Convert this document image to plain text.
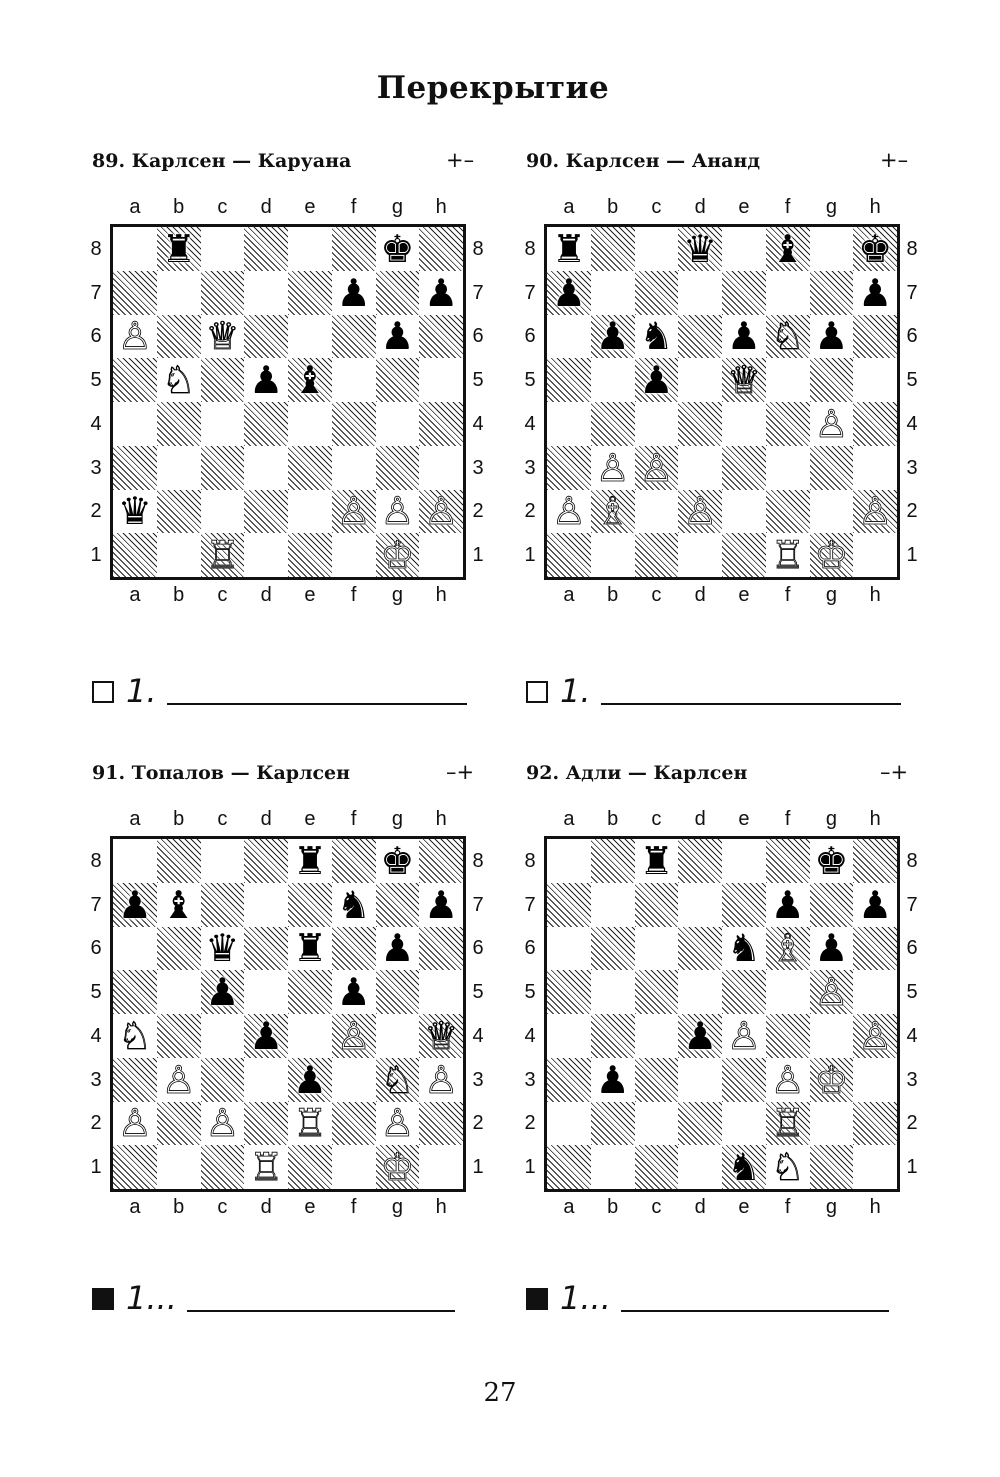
Перекрытие
89. Карлсен — Каруана	+–
a
a
b
b
c
c
d
d
e
e
f
f
g
g
h
h
8	8
7	7
6	6
5	5
4	4
3	3
2	2
1	1
♜	♚
♟ ♟
♙ ♕	♟
♘ ♟ ♝
♛	♙ ♙ ♙
♖	♔
1.
90. Карлсен — Ананд	+–
a
a
b
b
c
c
d
d
e
e
f
f
g
g
h
h
8	8
7	7
6	6
5	5
4	4
3	3
2	2
1	1
♜	♛ ♝ ♚
♟	♟
♟ ♞ ♟ ♘ ♟
♟ ♕
♙
♙ ♙
♙ ♗ ♙	♙
♖ ♔
1.
91. Топалов — Карлсен	–+
a
a
b
b
c
c
d
d
e
e
f
f
g
g
h
h
8	8
7	7
6	6
5	5
4	4
3	3
2	2
1	1
♜ ♚
♟ ♝	♞ ♟
♛ ♜ ♟
♟	♟
♘	♟ ♙ ♕
♙	♟ ♘ ♙
♙ ♙ ♖ ♙
♖	♔
1...
92. Адли — Карлсен	–+
a
a
b
b
c
c
d
d
e
e
f
f
g
g
h
h
8	8
7	7
6	6
5	5
4	4
3	3
2	2
1	1
♜	♚
♟ ♟
♞ ♗ ♟
♙
♟ ♙	♙
♟	♙ ♔
♖
♞ ♘
1...
27
